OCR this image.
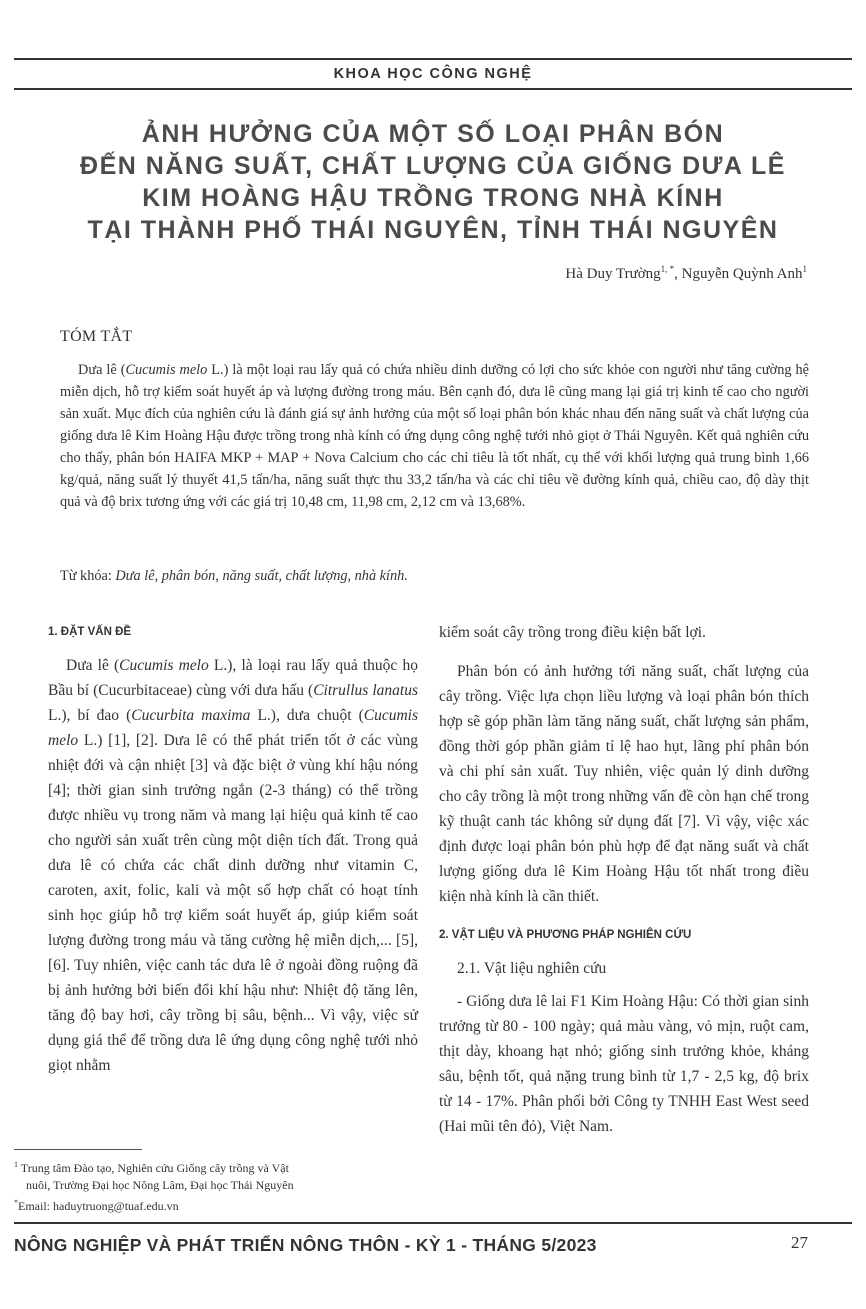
KHOA HỌC CÔNG NGHỆ
ẢNH HƯỞNG CỦA MỘT SỐ LOẠI PHÂN BÓN
ĐẾN NĂNG SUẤT, CHẤT LƯỢNG CỦA GIỐNG DƯA LÊ
KIM HOÀNG HẬU TRỒNG TRONG NHÀ KÍNH
TẠI THÀNH PHỐ THÁI NGUYÊN, TỈNH THÁI NGUYÊN
Hà Duy Trường$^{1, *}$, Nguyễn Quỳnh Anh$^1$
TÓM TẮT
Dưa lê (Cucumis melo L.) là một loại rau lấy quả có chứa nhiều dinh dưỡng có lợi cho sức khỏe con người như tăng cường hệ miễn dịch, hỗ trợ kiểm soát huyết áp và lượng đường trong máu. Bên cạnh đó, dưa lê cũng mang lại giá trị kinh tế cao cho người sản xuất. Mục đích của nghiên cứu là đánh giá sự ảnh hưởng của một số loại phân bón khác nhau đến năng suất và chất lượng của giống dưa lê Kim Hoàng Hậu được trồng trong nhà kính có ứng dụng công nghệ tưới nhỏ giọt ở Thái Nguyên. Kết quả nghiên cứu cho thấy, phân bón HAIFA MKP + MAP + Nova Calcium cho các chỉ tiêu là tốt nhất, cụ thể với khối lượng quả trung bình 1,66 kg/quả, năng suất lý thuyết 41,5 tấn/ha, năng suất thực thu 33,2 tấn/ha và các chỉ tiêu về đường kính quả, chiều cao, độ dày thịt quả và độ brix tương ứng với các giá trị 10,48 cm, 11,98 cm, 2,12 cm và 13,68%.
Từ khóa: Dưa lê, phân bón, năng suất, chất lượng, nhà kính.
1. ĐẶT VẤN ĐỀ
Dưa lê (Cucumis melo L.), là loại rau lấy quả thuộc họ Bầu bí (Cucurbitaceae) cùng với dưa hấu (Citrullus lanatus L.), bí đao (Cucurbita maxima L.), dưa chuột (Cucumis melo L.) [1], [2]. Dưa lê có thể phát triển tốt ở các vùng nhiệt đới và cận nhiệt [3] và đặc biệt ở vùng khí hậu nóng [4]; thời gian sinh trưởng ngắn (2-3 tháng) có thể trồng được nhiều vụ trong năm và mang lại hiệu quả kinh tế cao cho người sản xuất trên cùng một diện tích đất. Trong quả dưa lê có chứa các chất dinh dưỡng như vitamin C, caroten, axit, folic, kali và một số hợp chất có hoạt tính sinh học giúp hỗ trợ kiểm soát huyết áp, giúp kiểm soát lượng đường trong máu và tăng cường hệ miễn dịch,... [5], [6]. Tuy nhiên, việc canh tác dưa lê ở ngoài đồng ruộng đã bị ảnh hưởng bởi biến đổi khí hậu như: Nhiệt độ tăng lên, tăng độ bay hơi, cây trồng bị sâu, bệnh... Vì vậy, việc sử dụng giá thể để trồng dưa lê ứng dụng công nghệ tưới nhỏ giọt nhằm
kiểm soát cây trồng trong điều kiện bất lợi.
Phân bón có ảnh hưởng tới năng suất, chất lượng của cây trồng. Việc lựa chọn liều lượng và loại phân bón thích hợp sẽ góp phần làm tăng năng suất, chất lượng sản phẩm, đồng thời góp phần giảm tỉ lệ hao hụt, lãng phí phân bón và chi phí sản xuất. Tuy nhiên, việc quản lý dinh dưỡng cho cây trồng là một trong những vấn đề còn hạn chế trong kỹ thuật canh tác không sử dụng đất [7]. Vì vậy, việc xác định được loại phân bón phù hợp để đạt năng suất và chất lượng giống dưa lê Kim Hoàng Hậu tốt nhất trong điều kiện nhà kính là cần thiết.
2. VẬT LIỆU VÀ PHƯƠNG PHÁP NGHIÊN CỨU
2.1. Vật liệu nghiên cứu
- Giống dưa lê lai F1 Kim Hoàng Hậu: Có thời gian sinh trưởng từ 80 - 100 ngày; quả màu vàng, vỏ mịn, ruột cam, thịt dày, khoang hạt nhỏ; giống sinh trưởng khỏe, kháng sâu, bệnh tốt, quả nặng trung bình từ 1,7 - 2,5 kg, độ brix từ 14 - 17%. Phân phối bởi Công ty TNHH East West seed (Hai mũi tên đỏ), Việt Nam.
$^1$ Trung tâm Đào tạo, Nghiên cứu Giống cây trồng và Vật
nuôi, Trường Đại học Nông Lâm, Đại học Thái Nguyên
*Email: haduytruong@tuaf.edu.vn
NÔNG NGHIỆP VÀ PHÁT TRIỂN NÔNG THÔN - KỲ 1 - THÁNG 5/2023	27
